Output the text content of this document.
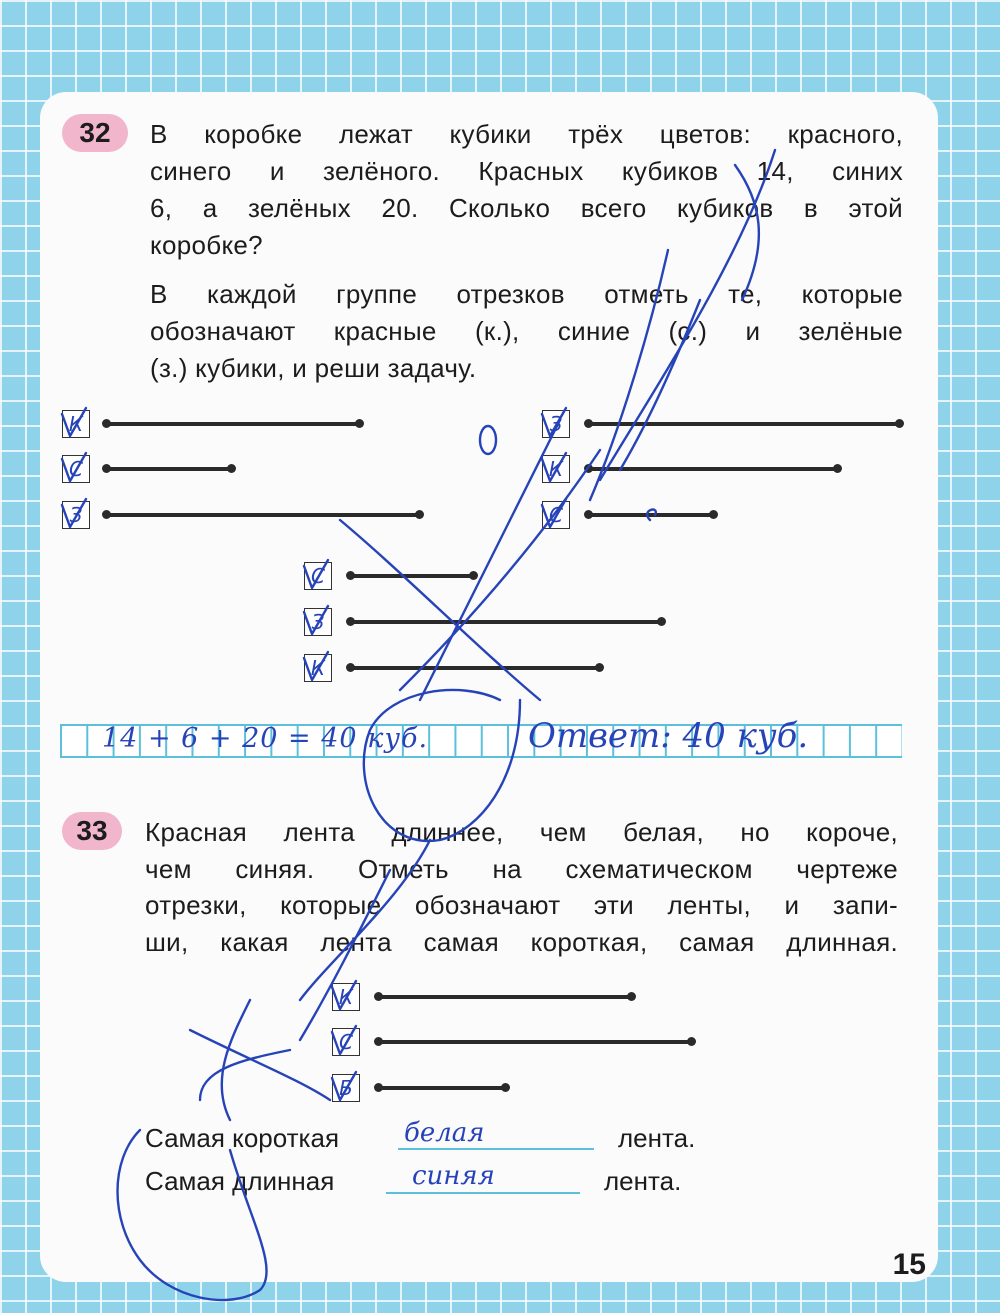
32	В коробке лежат кубики трёх цветов: красного,
синего и зелёного. Красных кубиков 14, синих
6, а зелёных 20. Сколько всего кубиков в этой
коробке?
В каждой группе отрезков отметь те, которые
обозначают красные (к.), синие (с.) и зелёные
(з.) кубики, и реши задачу.
К
С
З
З
К
С
С
З
К
14 + 6 + 20 = 40 куб.	Ответ: 40 куб.
33	Красная лента длиннее, чем белая, но короче,
чем синяя. Отметь на схематическом чертеже
отрезки, которые обозначают эти ленты, и запи-
ши, какая лента самая короткая, самая длинная.
К
С
Б
Самая короткая белая	лента.
Самая длинная	синяя	лента.
15
